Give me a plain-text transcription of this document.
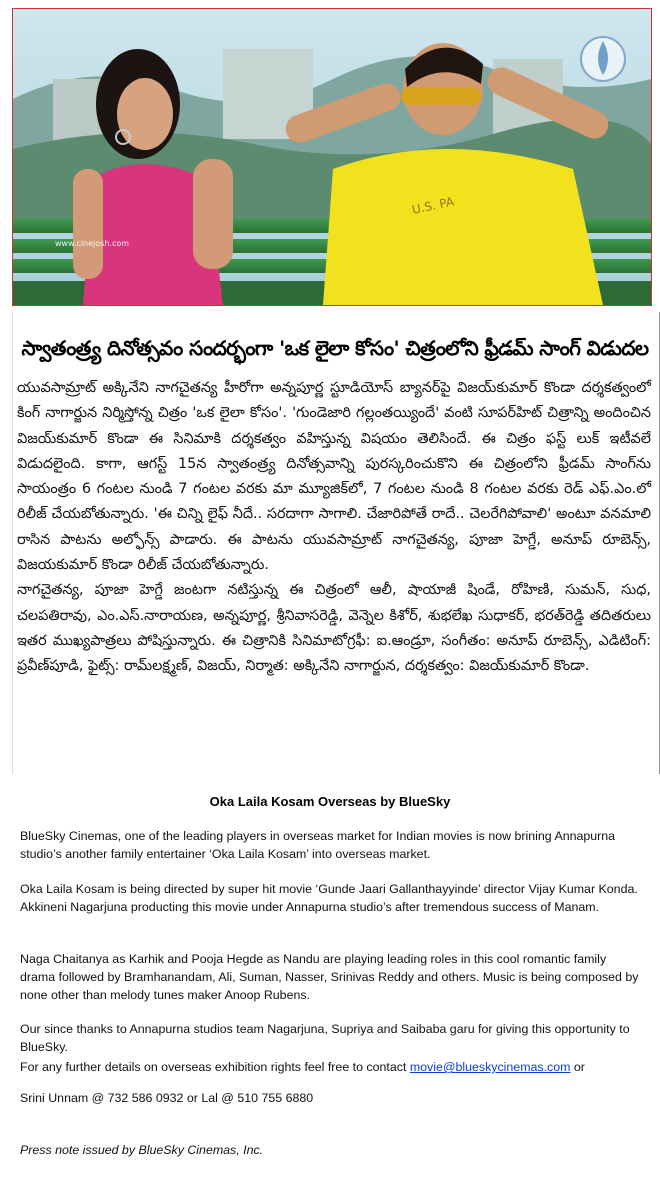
U.S. PA
www.cinejosh.com
స్వాతంత్ర్య దినోత్సవం సందర్భంగా 'ఒక లైలా కోసం' చిత్రంలోని ఫ్రీడమ్ సాంగ్ విడుదల

యువసామ్రాట్ అక్కినేని నాగచైతన్య హీరోగా అన్నపూర్ణ స్టూడియోస్ బ్యానర్‌పై విజయ్‌కుమార్ కొండా దర్శకత్వంలో కింగ్ నాగార్జున నిర్మిస్తోన్న చిత్రం 'ఒక లైలా కోసం'. 'గుండెజారి గల్లంతయ్యిందే' వంటి సూపర్‌హిట్ చిత్రాన్ని అందించిన విజయ్‌కుమార్ కొండా ఈ సినిమాకి దర్శకత్వం వహిస్తున్న విషయం తెలిసిందే. ఈ చిత్రం ఫస్ట్ లుక్ ఇటీవలే విడుదలైంది. కాగా, ఆగస్ట్ 15న స్వాతంత్ర్య దినోత్సవాన్ని పురస్కరించుకొని ఈ చిత్రంలోని ఫ్రీడమ్ సాంగ్‌ను సాయంత్రం 6 గంటల నుండి 7 గంటల వరకు మా మ్యూజిక్‌లో, 7 గంటల నుండి 8 గంటల వరకు రెడ్ ఎఫ్.ఎం.లో రిలీజ్ చేయబోతున్నారు. 'ఈ చిన్ని లైఫ్ నీదే.. సరదాగా సాగాలి. చేజారిపోతే రాదే.. చెలరేగిపోవాలి' అంటూ వనమాలి రాసిన పాటను అల్ఫోన్స్ పాడారు. ఈ పాటను యువసామ్రాట్ నాగచైతన్య, పూజా హెగ్డే, అనూప్ రూబెన్స్, విజయకుమార్ కొండా రిలీజ్ చేయబోతున్నారు.

నాగచైతన్య, పూజా హెగ్డే జంటగా నటిస్తున్న ఈ చిత్రంలో ఆలీ, షాయాజీ షిండే, రోహిణి, సుమన్, సుధ, చలపతిరావు, ఎం.ఎస్.నారాయణ, అన్నపూర్ణ, శ్రీనివాసరెడ్డి, వెన్నెల కిశోర్, శుభలేఖ సుధాకర్, భరత్‌రెడ్డి తదితరులు ఇతర ముఖ్యపాత్రలు పోషిస్తున్నారు. ఈ చిత్రానికి సినిమాటోగ్రఫీ: ఐ.ఆండ్రూ, సంగీతం: అనూప్ రూబెన్స్, ఎడిటింగ్: ప్రవీణ్‌పూడి, ఫైట్స్: రామ్‌లక్ష్మణ్, విజయ్, నిర్మాత: అక్కినేని నాగార్జున, దర్శకత్వం: విజయ్‌కుమార్ కొండా.

Oka Laila Kosam Overseas by BlueSky

BlueSky Cinemas, one of the leading players in overseas market for Indian movies is now brining Annapurna studio’s another family entertainer ‘Oka Laila Kosam’ into overseas market.

Oka Laila Kosam is being directed by super hit movie ‘Gunde Jaari Gallanthayyinde’ director Vijay Kumar Konda. Akkineni Nagarjuna producting this movie under Annapurna studio’s after tremendous success of Manam.

Naga Chaitanya as Karhik and Pooja Hegde as Nandu are playing leading roles in this cool romantic family drama followed by Bramhanandam, Ali, Suman, Nasser, Srinivas Reddy and others. Music is being composed by none other than melody tunes maker Anoop Rubens.

Our since thanks to Annapurna studios team Nagarjuna, Supriya and Saibaba garu for giving this opportunity to BlueSky.

For any further details on overseas exhibition rights feel free to contact movie@blueskycinemas.com or

Srini Unnam @ 732 586 0932 or Lal @ 510 755 6880

Press note issued by BlueSky Cinemas, Inc.
